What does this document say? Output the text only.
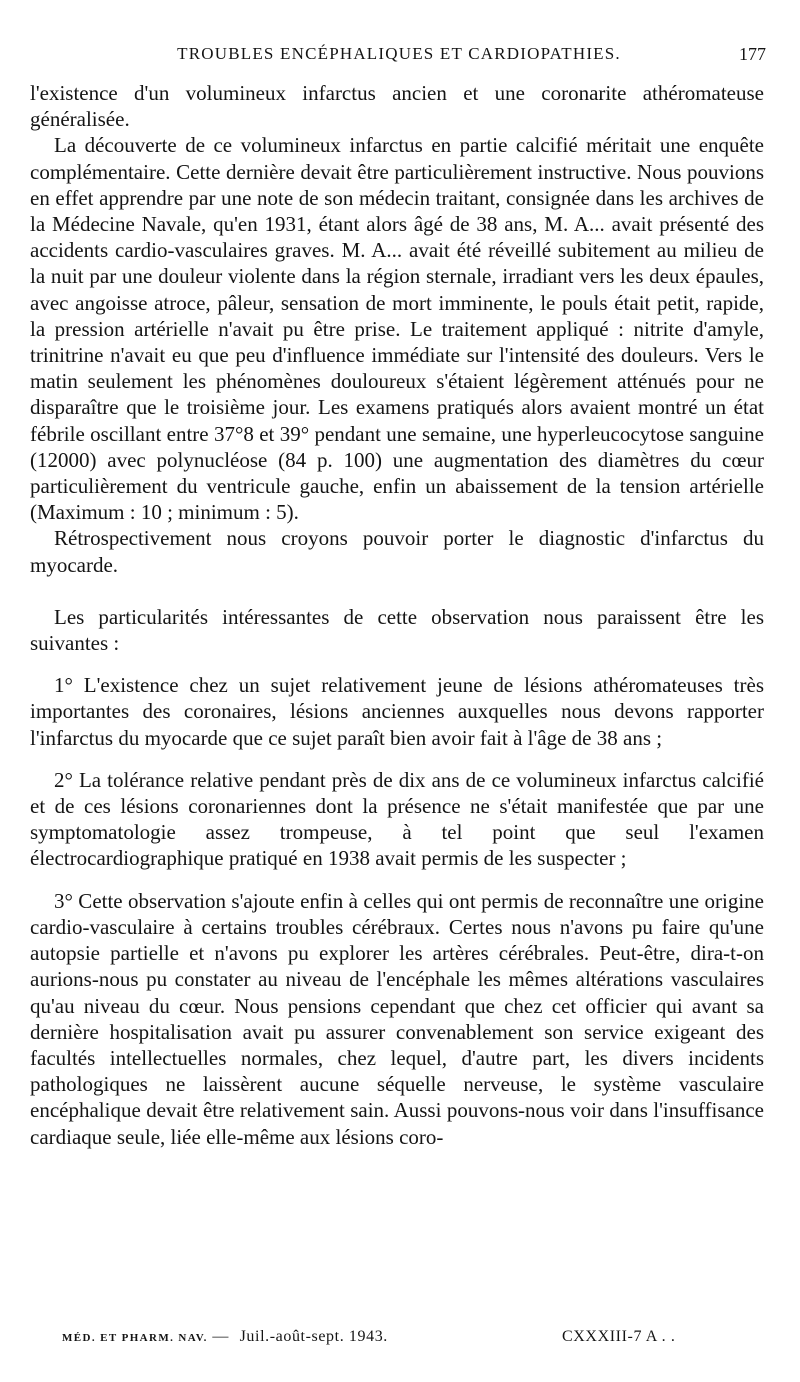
TROUBLES ENCÉPHALIQUES ET CARDIOPATHIES.	177

l'existence d'un volumineux infarctus ancien et une coronarite athéromateuse généralisée.

La découverte de ce volumineux infarctus en partie calcifié méritait une enquête complémentaire. Cette dernière devait être particulièrement instructive. Nous pouvions en effet apprendre par une note de son médecin traitant, consignée dans les archives de la Médecine Navale, qu'en 1931, étant alors âgé de 38 ans, M. A... avait présenté des accidents cardio-vasculaires graves. M. A... avait été réveillé subitement au milieu de la nuit par une douleur violente dans la région sternale, irradiant vers les deux épaules, avec angoisse atroce, pâleur, sensation de mort imminente, le pouls était petit, rapide, la pression artérielle n'avait pu être prise. Le traitement appliqué : nitrite d'amyle, trinitrine n'avait eu que peu d'influence immédiate sur l'intensité des douleurs. Vers le matin seulement les phénomènes douloureux s'étaient légèrement atténués pour ne disparaître que le troisième jour. Les examens pratiqués alors avaient montré un état fébrile oscillant entre 37°8 et 39° pendant une semaine, une hyperleucocytose sanguine (12000) avec polynucléose (84 p. 100) une augmentation des diamètres du cœur particulièrement du ventricule gauche, enfin un abaissement de la tension artérielle (Maximum : 10 ; minimum : 5).

Rétrospectivement nous croyons pouvoir porter le diagnostic d'infarctus du myocarde.

Les particularités intéressantes de cette observation nous paraissent être les suivantes :

1° L'existence chez un sujet relativement jeune de lésions athéromateuses très importantes des coronaires, lésions anciennes auxquelles nous devons rapporter l'infarctus du myocarde que ce sujet paraît bien avoir fait à l'âge de 38 ans ;

2° La tolérance relative pendant près de dix ans de ce volumineux infarctus calcifié et de ces lésions coronariennes dont la présence ne s'était manifestée que par une symptomatologie assez trompeuse, à tel point que seul l'examen électrocardiographique pratiqué en 1938 avait permis de les suspecter ;

3° Cette observation s'ajoute enfin à celles qui ont permis de reconnaître une origine cardio-vasculaire à certains troubles cérébraux. Certes nous n'avons pu faire qu'une autopsie partielle et n'avons pu explorer les artères cérébrales. Peut-être, dira-t-on aurions-nous pu constater au niveau de l'encéphale les mêmes altérations vasculaires qu'au niveau du cœur. Nous pensions cependant que chez cet officier qui avant sa dernière hospitalisation avait pu assurer convenablement son service exigeant des facultés intellectuelles normales, chez lequel, d'autre part, les divers incidents pathologiques ne laissèrent aucune séquelle nerveuse, le système vasculaire encéphalique devait être relativement sain. Aussi pouvons-nous voir dans l'insuffisance cardiaque seule, liée elle-même aux lésions coro-

MÉD. ET PHARM. NAV. — Juil.-août-sept. 1943.	CXXXIII-7 A . .
